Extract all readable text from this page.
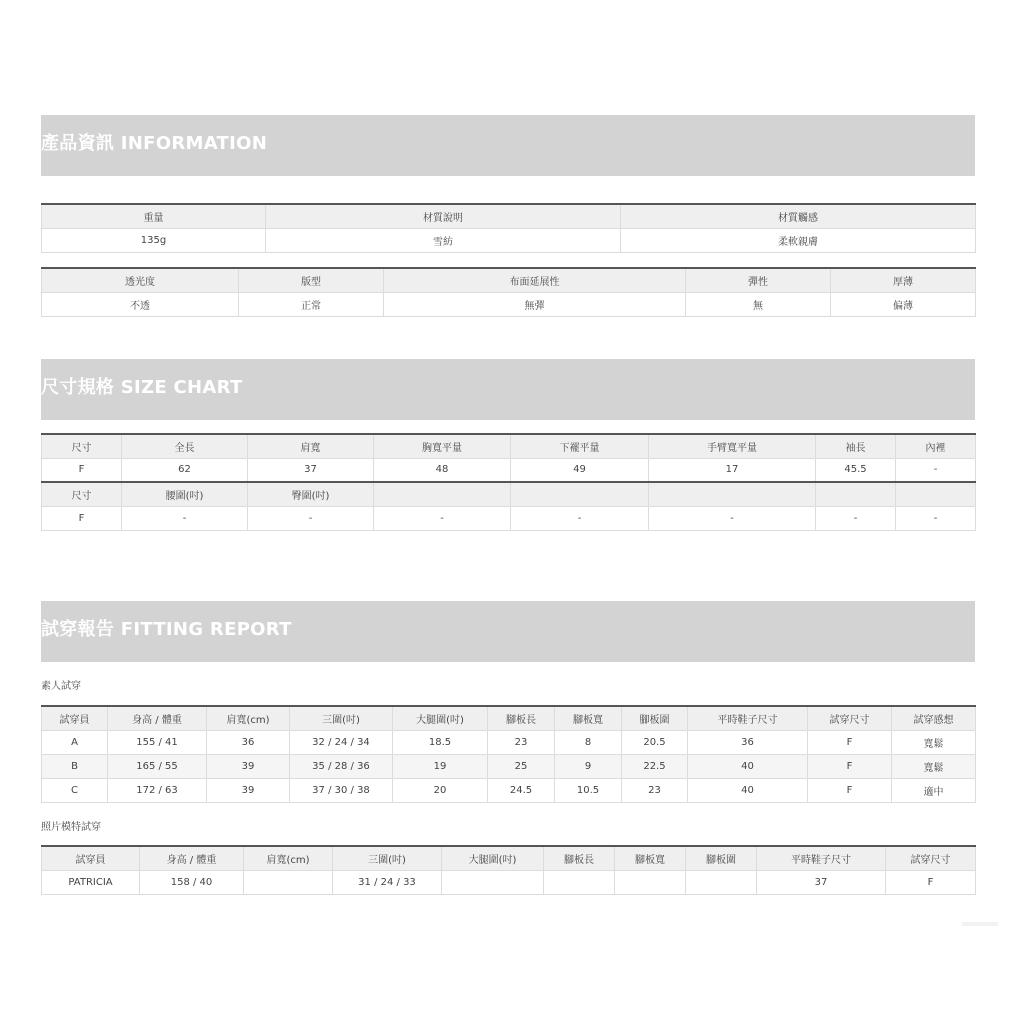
產品資訊 INFORMATION
重量	材質說明	材質觸感
135g	雪紡	柔軟親膚
透光度	版型	布面延展性	彈性	厚薄
不透	正常	無彈	無	偏薄
尺寸規格 SIZE CHART
尺寸	全長	肩寬	胸寬平量	下襬平量	手臂寬平量	袖長	內裡
F	62	37	48	49	17	45.5	-
尺寸	腰圍(吋)	臀圍(吋)					
F	-	-	-	-	-	-	-
試穿報告 FITTING REPORT
素人試穿
試穿員	身高 / 體重	肩寬(cm)	三圍(吋)	大腿圍(吋)	腳板長	腳板寬	腳板圍	平時鞋子尺寸	試穿尺寸	試穿感想
A	155 / 41	36	32 / 24 / 34	18.5	23	8	20.5	36	F	寬鬆
B	165 / 55	39	35 / 28 / 36	19	25	9	22.5	40	F	寬鬆
C	172 / 63	39	37 / 30 / 38	20	24.5	10.5	23	40	F	適中
照片模特試穿
試穿員	身高 / 體重	肩寬(cm)	三圍(吋)	大腿圍(吋)	腳板長	腳板寬	腳板圍	平時鞋子尺寸	試穿尺寸
PATRICIA	158 / 40		31 / 24 / 33					37	F
